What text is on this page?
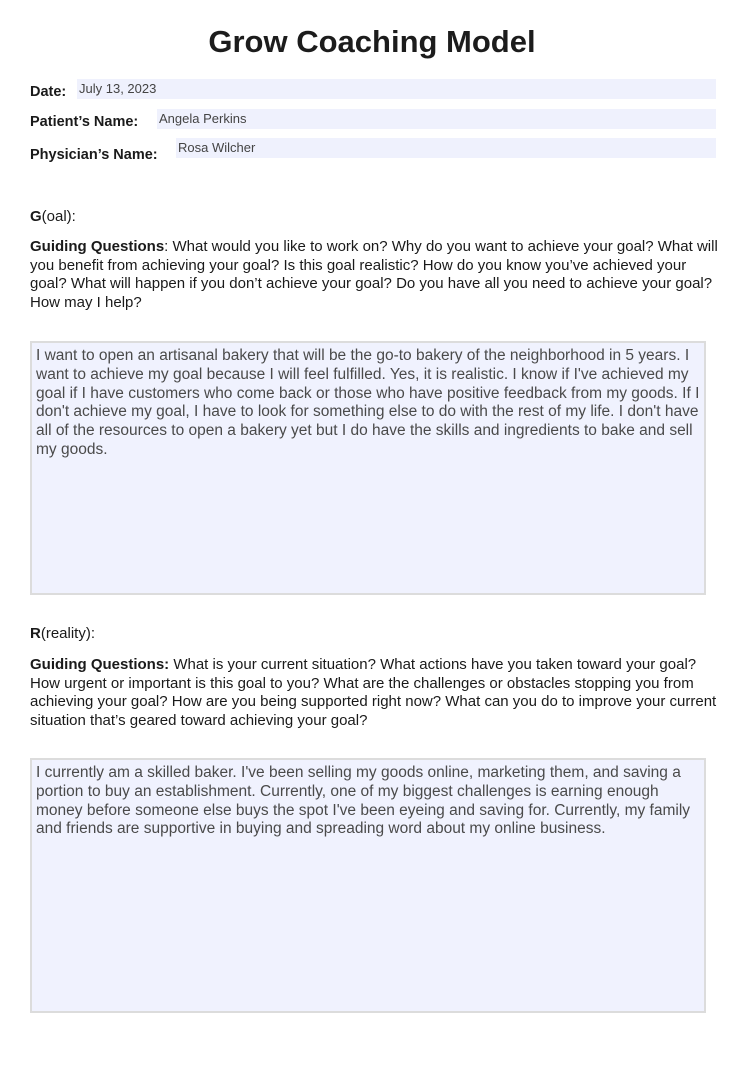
Grow Coaching Model
Date: July 13, 2023
Patient’s Name: Angela Perkins
Physician’s Name: Rosa Wilcher
G(oal):
Guiding Questions: What would you like to work on? Why do you want to achieve your goal? What will you benefit from achieving your goal? Is this goal realistic? How do you know you’ve achieved your goal? What will happen if you don’t achieve your goal? Do you have all you need to achieve your goal? How may I help?
I want to open an artisanal bakery that will be the go-to bakery of the neighborhood in 5 years. I want to achieve my goal because I will feel fulfilled. Yes, it is realistic. I know if I've achieved my goal if I have customers who come back or those who have positive feedback from my goods. If I don't achieve my goal, I have to look for something else to do with the rest of my life. I don't have all of the resources to open a bakery yet but I do have the skills and ingredients to bake and sell my goods.
R(reality):
Guiding Questions: What is your current situation? What actions have you taken toward your goal? How urgent or important is this goal to you? What are the challenges or obstacles stopping you from achieving your goal? How are you being supported right now? What can you do to improve your current situation that’s geared toward achieving your goal?
I currently am a skilled baker. I've been selling my goods online, marketing them, and saving a portion to buy an establishment. Currently, one of my biggest challenges is earning enough money before someone else buys the spot I've been eyeing and saving for. Currently, my family and friends are supportive in buying and spreading word about my online business.
